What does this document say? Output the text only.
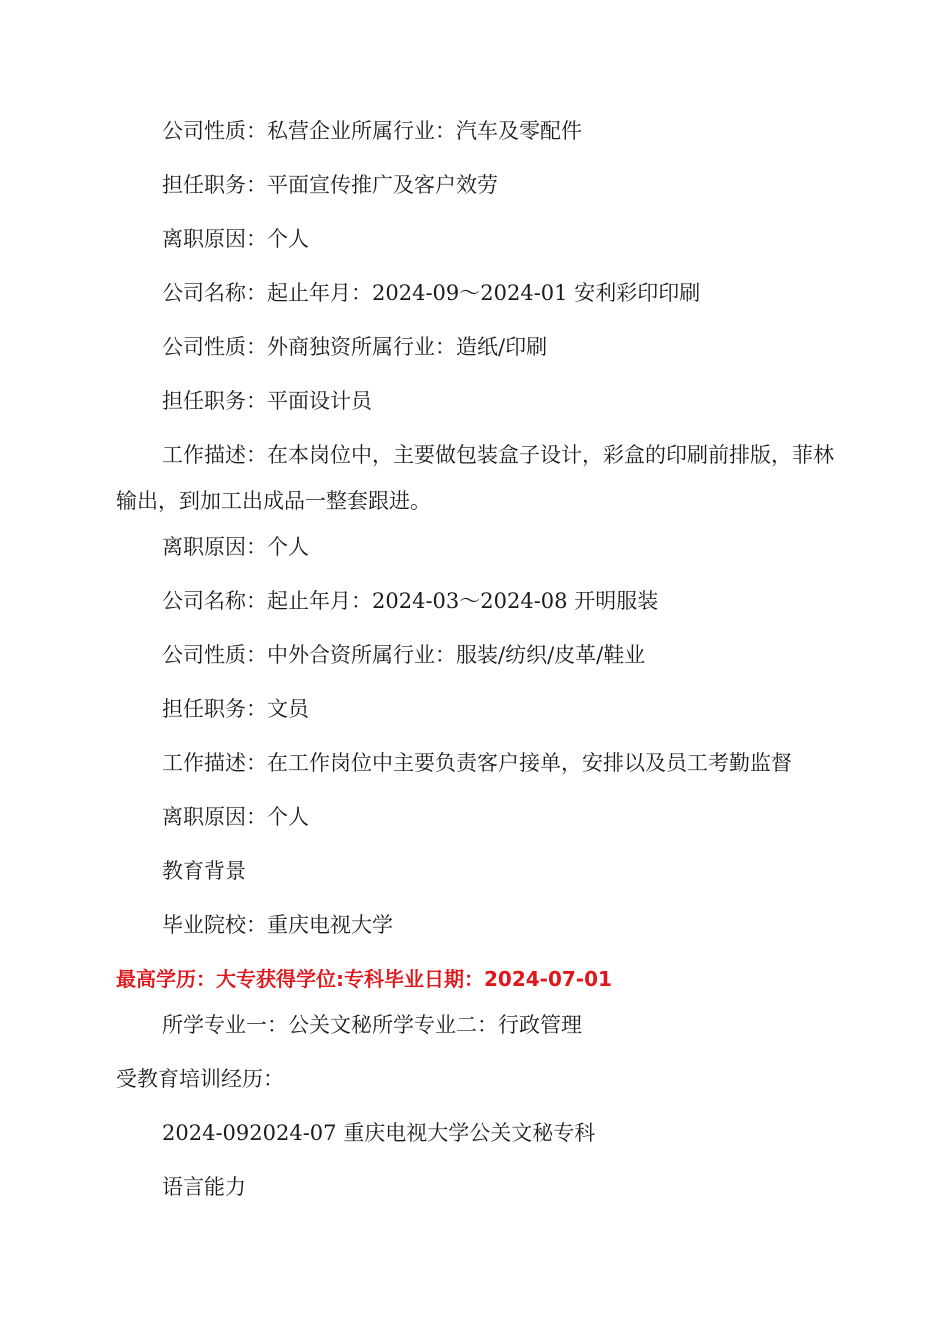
公司性质：私营企业所属行业：汽车及零配件
担任职务：平面宣传推广及客户效劳
离职原因：个人
公司名称：起止年月：2024-09～2024-01 安利彩印印刷
公司性质：外商独资所属行业：造纸/印刷
担任职务：平面设计员
工作描述：在本岗位中，主要做包装盒子设计，彩盒的印刷前排版，菲林输出，到加工出成品一整套跟进。
离职原因：个人
公司名称：起止年月：2024-03～2024-08 开明服装
公司性质：中外合资所属行业：服装/纺织/皮革/鞋业
担任职务：文员
工作描述：在工作岗位中主要负责客户接单，安排以及员工考勤监督
离职原因：个人
教育背景
毕业院校：重庆电视大学
最高学历：大专获得学位:专科毕业日期：2024-07-01
所学专业一：公关文秘所学专业二：行政管理
受教育培训经历：
2024-092024-07 重庆电视大学公关文秘专科
语言能力
